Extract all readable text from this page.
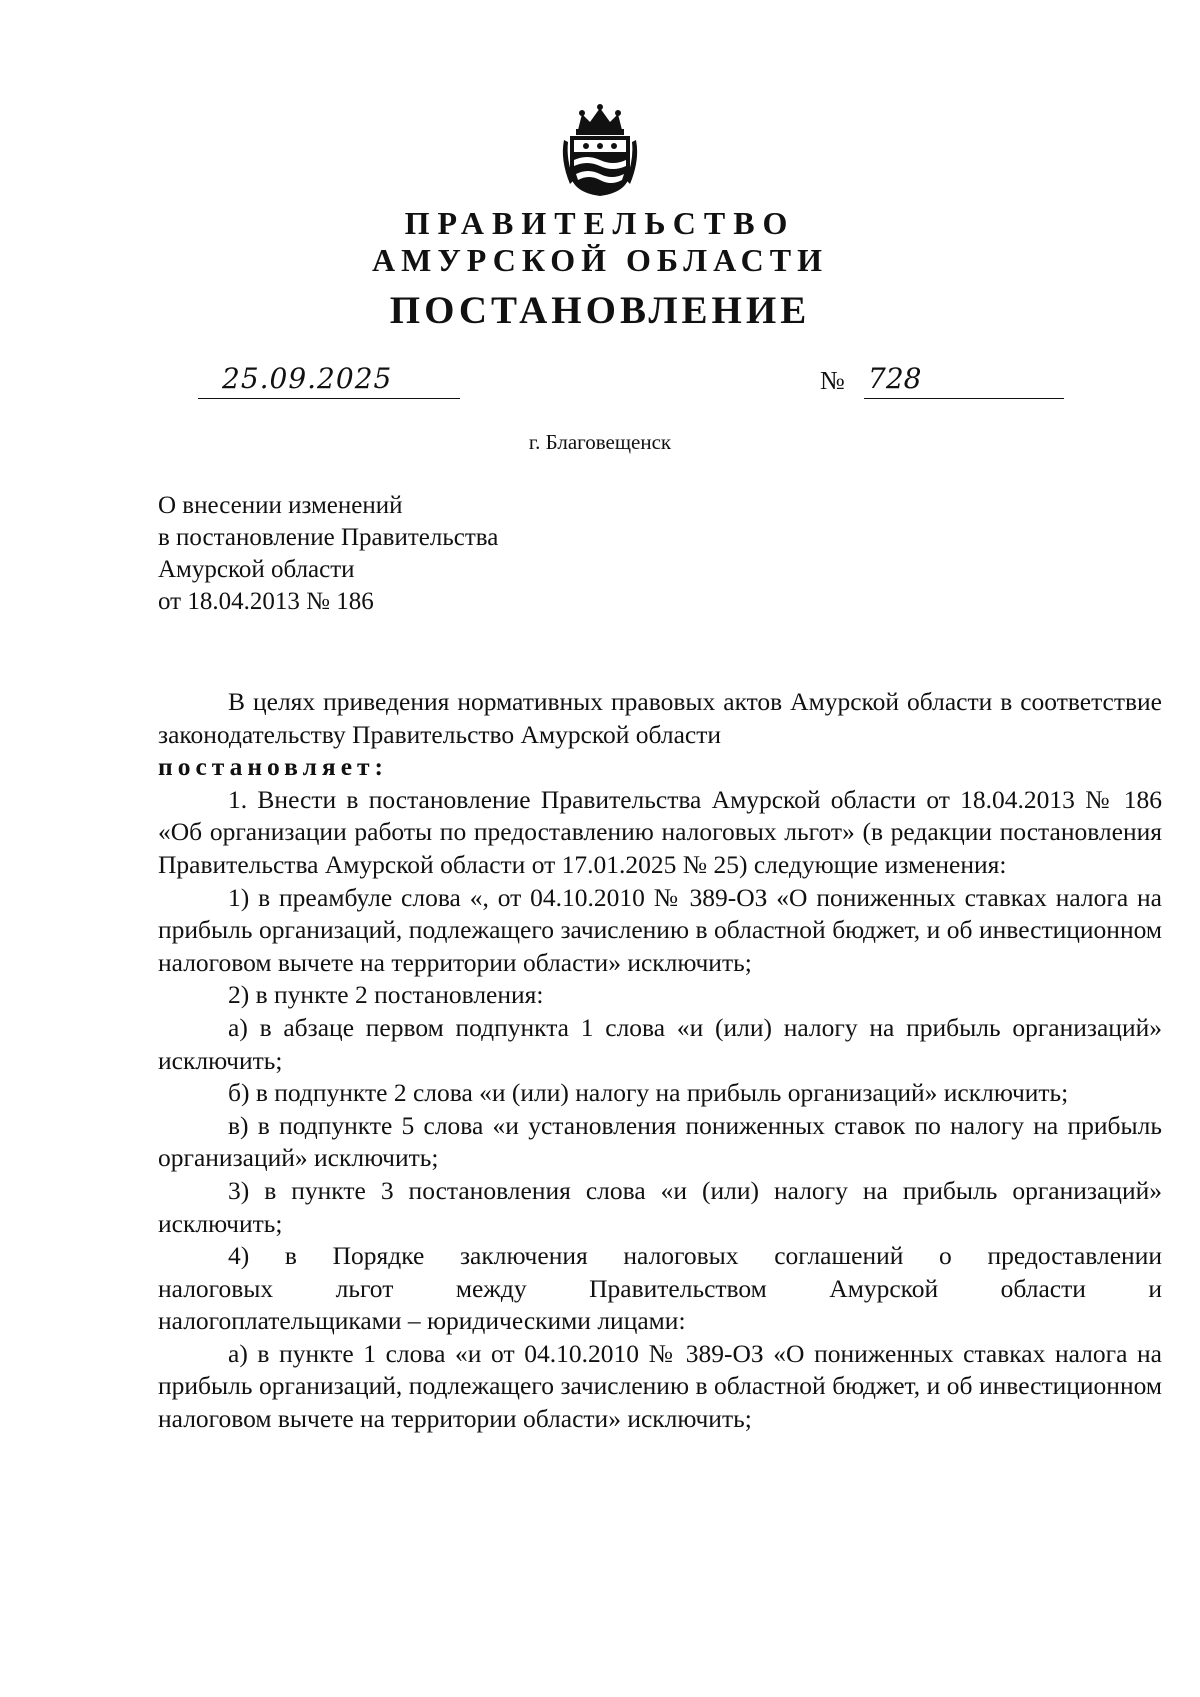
ПРАВИТЕЛЬСТВО
АМУРСКОЙ ОБЛАСТИ
ПОСТАНОВЛЕНИЕ
25.09.2025	№ 728
г. Благовещенск
О внесении изменений
в постановление Правительства
Амурской области
от 18.04.2013 № 186

В целях приведения нормативных правовых актов Амурской области в соответствие законодательству Правительство Амурской области

постановляет:

1. Внести в постановление Правительства Амурской области от 18.04.2013 № 186 «Об организации работы по предоставлению налоговых льгот» (в редакции постановления Правительства Амурской области от 17.01.2025 № 25) следующие изменения:

1) в преамбуле слова «, от 04.10.2010 № 389-ОЗ «О пониженных ставках налога на прибыль организаций, подлежащего зачислению в областной бюджет, и об инвестиционном налоговом вычете на территории области» исключить;

2) в пункте 2 постановления:

а) в абзаце первом подпункта 1 слова «и (или) налогу на прибыль организаций» исключить;

б) в подпункте 2 слова «и (или) налогу на прибыль организаций» исключить;

в) в подпункте 5 слова «и установления пониженных ставок по налогу на прибыль организаций» исключить;

3) в пункте 3 постановления слова «и (или) налогу на прибыль организаций» исключить;

4) в Порядке заключения налоговых соглашений о предоставлении

налоговых льгот между Правительством Амурской области и

налогоплательщиками – юридическими лицами:

а) в пункте 1 слова «и от 04.10.2010 № 389-ОЗ «О пониженных ставках налога на прибыль организаций, подлежащего зачислению в областной бюджет, и об инвестиционном налоговом вычете на территории области» исключить;
